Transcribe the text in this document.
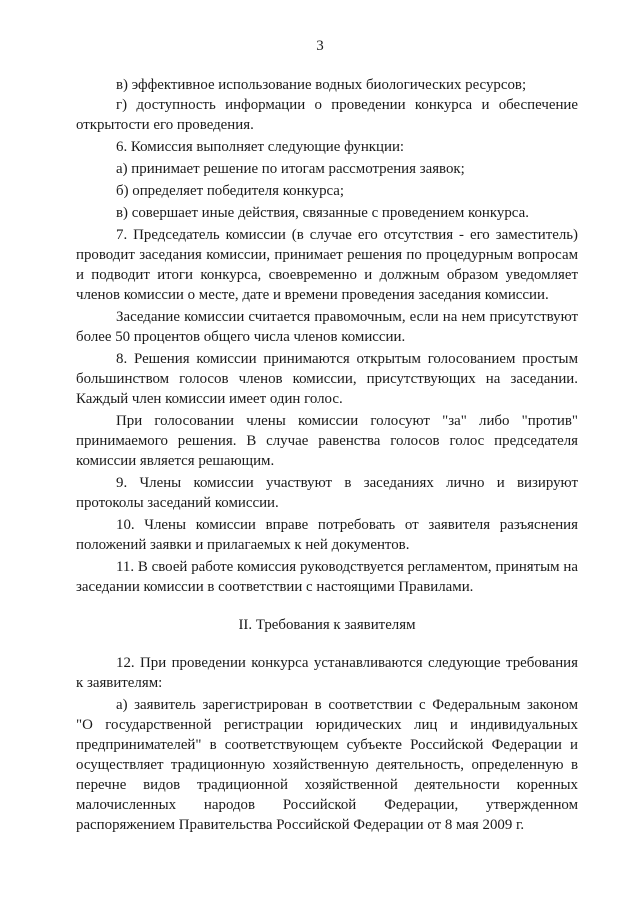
3

в) эффективное использование водных биологических ресурсов;

г) доступность информации о проведении конкурса и обеспечение открытости его проведения.

6. Комиссия выполняет следующие функции:

а) принимает решение по итогам рассмотрения заявок;

б) определяет победителя конкурса;

в) совершает иные действия, связанные с проведением конкурса.

7. Председатель комиссии (в случае его отсутствия - его заместитель) проводит заседания комиссии, принимает решения по процедурным вопросам и подводит итоги конкурса, своевременно и должным образом уведомляет членов комиссии о месте, дате и времени проведения заседания комиссии.

Заседание комиссии считается правомочным, если на нем присутствуют более 50 процентов общего числа членов комиссии.

8. Решения комиссии принимаются открытым голосованием простым большинством голосов членов комиссии, присутствующих на заседании. Каждый член комиссии имеет один голос.

При голосовании члены комиссии голосуют "за" либо "против" принимаемого решения. В случае равенства голосов голос председателя комиссии является решающим.

9. Члены комиссии участвуют в заседаниях лично и визируют протоколы заседаний комиссии.

10. Члены комиссии вправе потребовать от заявителя разъяснения положений заявки и прилагаемых к ней документов.

11. В своей работе комиссия руководствуется регламентом, принятым на заседании комиссии в соответствии с настоящими Правилами.

II. Требования к заявителям

12. При проведении конкурса устанавливаются следующие требования к заявителям:

а) заявитель зарегистрирован в соответствии с Федеральным законом "О государственной регистрации юридических лиц и индивидуальных предпринимателей" в соответствующем субъекте Российской Федерации и осуществляет традиционную хозяйственную деятельность, определенную в перечне видов традиционной хозяйственной деятельности коренных малочисленных народов Российской Федерации, утвержденном распоряжением Правительства Российской Федерации от 8 мая 2009 г.
